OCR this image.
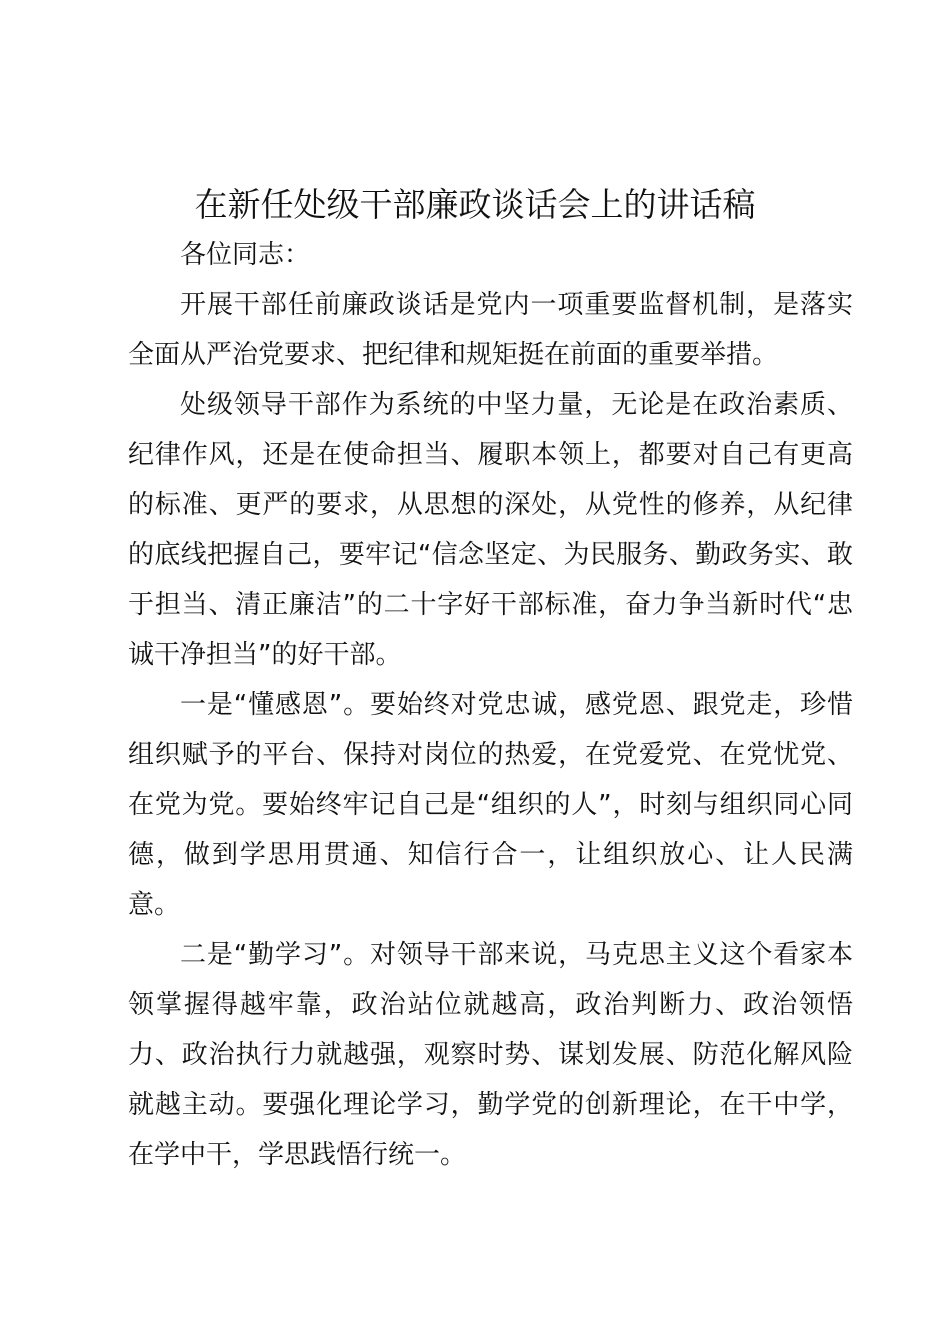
在新任处级干部廉政谈话会上的讲话稿

各位同志：

开展干部任前廉政谈话是党内一项重要监督机制，是落实全面从严治党要求、把纪律和规矩挺在前面的重要举措。

处级领导干部作为系统的中坚力量，无论是在政治素质、纪律作风，还是在使命担当、履职本领上，都要对自己有更高的标准、更严的要求，从思想的深处，从党性的修养，从纪律的底线把握自己，要牢记“信念坚定、为民服务、勤政务实、敢于担当、清正廉洁”的二十字好干部标准，奋力争当新时代“忠诚干净担当”的好干部。

一是“懂感恩”。要始终对党忠诚，感党恩、跟党走，珍惜组织赋予的平台、保持对岗位的热爱，在党爱党、在党忧党、在党为党。要始终牢记自己是“组织的人”，时刻与组织同心同德，做到学思用贯通、知信行合一，让组织放心、让人民满意。

二是“勤学习”。对领导干部来说，马克思主义这个看家本领掌握得越牢靠，政治站位就越高，政治判断力、政治领悟力、政治执行力就越强，观察时势、谋划发展、防范化解风险就越主动。要强化理论学习，勤学党的创新理论，在干中学，在学中干，学思践悟行统一。
